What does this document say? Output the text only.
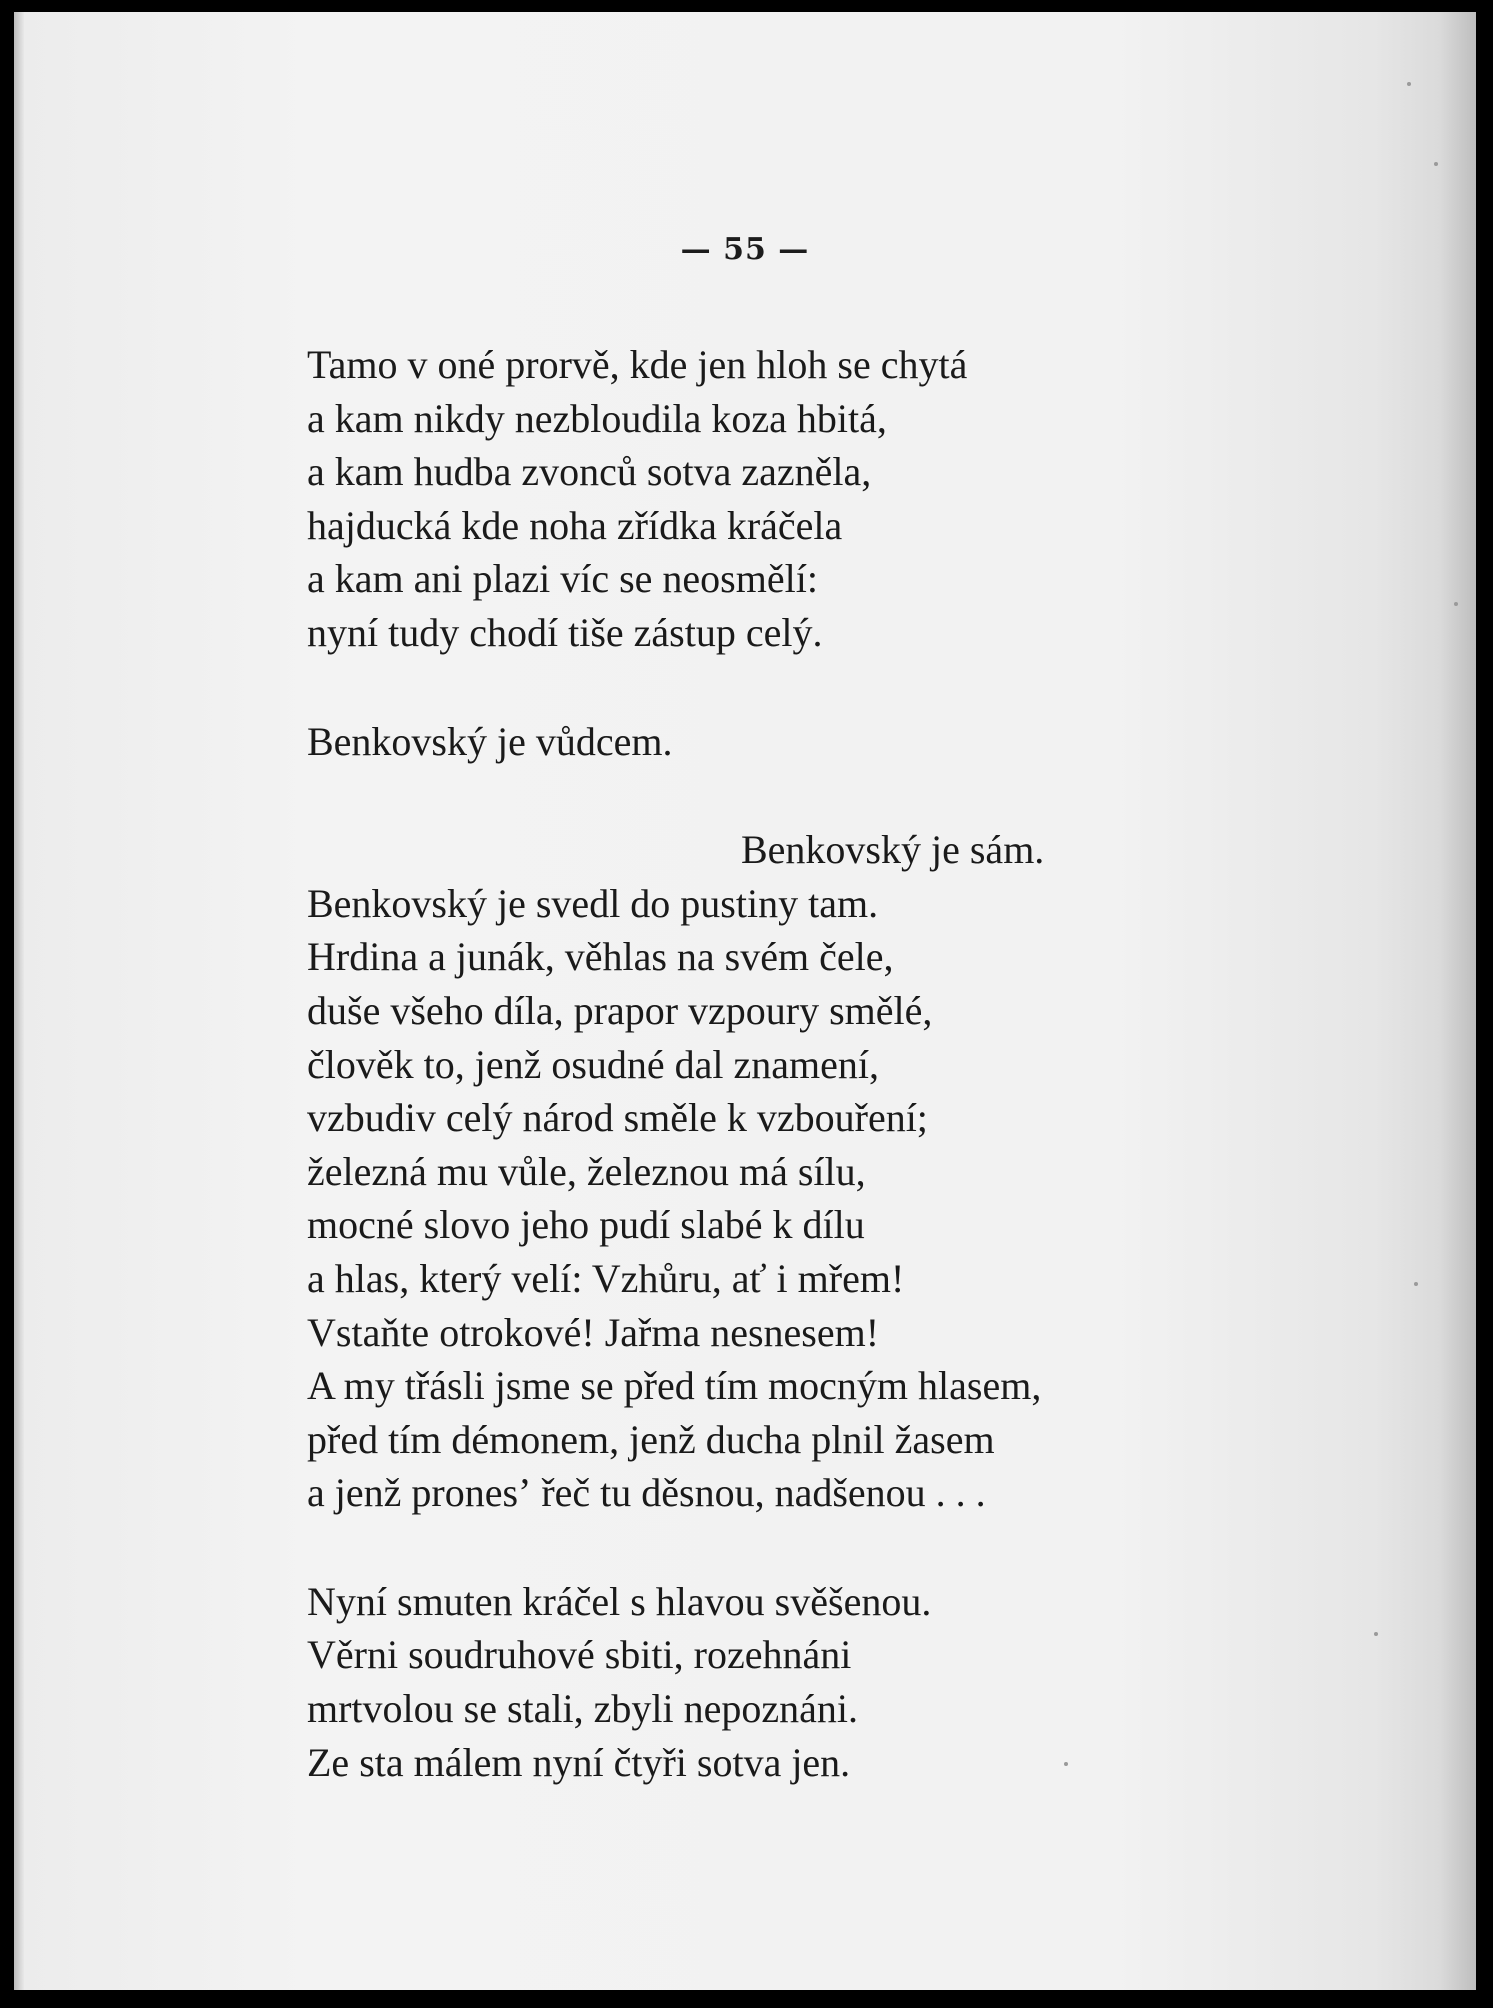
— 55 —
Tamo v oné prorvě, kde jen hloh se chytá
a kam nikdy nezbloudila koza hbitá,
a kam hudba zvonců sotva zazněla,
hajducká kde noha zřídka kráčela
a kam ani plazi víc se neosmělí:
nyní tudy chodí tiše zástup celý.
Benkovský je vůdcem.
Benkovský je sám.
Benkovský je svedl do pustiny tam.
Hrdina a junák, věhlas na svém čele,
duše všeho díla, prapor vzpoury smělé,
člověk to, jenž osudné dal znamení,
vzbudiv celý národ směle k vzbouření;
železná mu vůle, železnou má sílu,
mocné slovo jeho pudí slabé k dílu
a hlas, který velí: Vzhůru, ať i mřem!
Vstaňte otrokové! Jařma nesnesem!
A my třásli jsme se před tím mocným hlasem,
před tím démonem, jenž ducha plnil žasem
a jenž pronesʼ řeč tu děsnou, nadšenou . . .
Nyní smuten kráčel s hlavou svěšenou.
Věrni soudruhové sbiti, rozehnáni
mrtvolou se stali, zbyli nepoznáni.
Ze sta málem nyní čtyři sotva jen.
